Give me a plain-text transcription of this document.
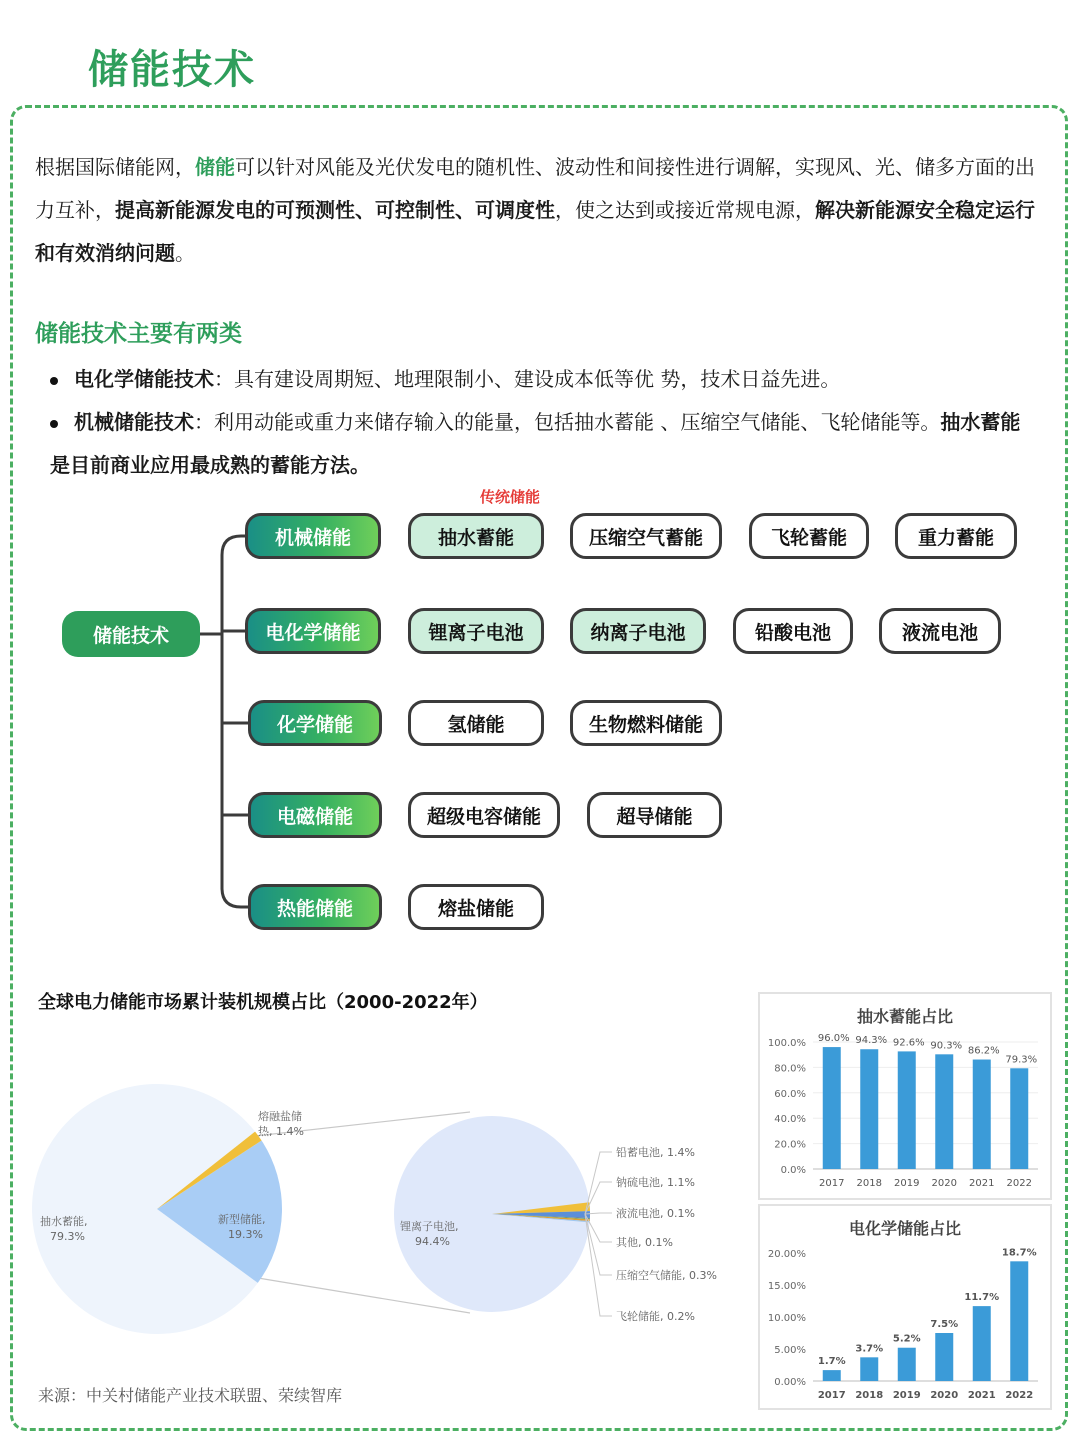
储能技术
根据国际储能网，储能可以针对风能及光伏发电的随机性、波动性和间接性进行调解，实现风、光、储多方面的出力互补，提高新能源发电的可预测性、可控制性、可调度性，使之达到或接近常规电源，解决新能源安全稳定运行和有效消纳问题。
储能技术主要有两类
电化学储能技术：具有建设周期短、地理限制小、建设成本低等优 势，技术日益先进。
机械储能技术：利用动能或重力来储存输入的能量，包括抽水蓄能 、压缩空气储能、飞轮储能等。抽水蓄能是目前商业应用最成熟的蓄能方法。
储能技术
传统储能
机械储能	抽水蓄能	压缩空气蓄能	飞轮蓄能	重力蓄能
电化学储能	锂离子电池	纳离子电池	铅酸电池	液流电池
化学储能	氢储能	生物燃料储能
电磁储能	超级电容储能	超导储能
热能储能	熔盐储能
全球电力储能市场累计装机规模占比（2000-2022年）
抽水蓄能,
79.3%
新型储能,
19.3%
熔融盐储
热, 1.4%
锂离子电池,
94.4%
铅蓄电池, 1.4%
钠硫电池, 1.1%
液流电池, 0.1%
其他, 0.1%
压缩空气储能, 0.3%
飞轮储能, 0.2%
抽水蓄能占比
100.0%
80.0%
60.0%
40.0%
20.0%
0.0%
96.0%
2017
94.3%
2018
92.6%
2019
90.3%
2020
86.2%
2021
79.3%
2022
电化学储能占比
20.00%
15.00%
10.00%
5.00%
0.00%
1.7%
2017
3.7%
2018
5.2%
2019
7.5%
2020
11.7%
2021
18.7%
2022
来源：中关村储能产业技术联盟、荣续智库
